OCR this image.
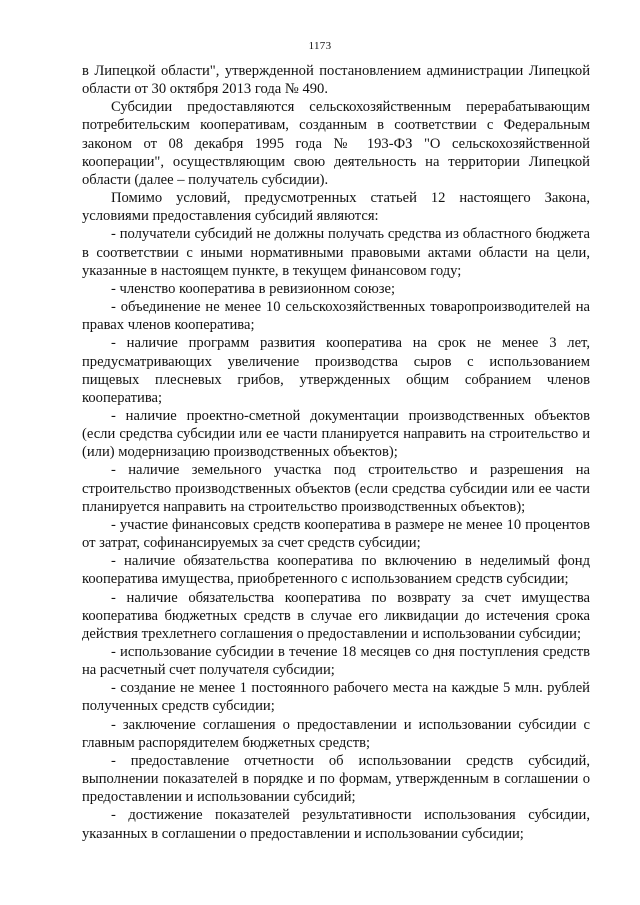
1173

в Липецкой области", утвержденной постановлением администрации Липецкой области от 30 октября 2013 года № 490.

Субсидии предоставляются сельскохозяйственным перерабатывающим потребительским кооперативам, созданным в соответствии с Федеральным законом от 08 декабря 1995 года № 193-ФЗ "О сельскохозяйственной кооперации", осуществляющим свою деятельность на территории Липецкой области (далее – получатель субсидии).

Помимо условий, предусмотренных статьей 12 настоящего Закона, условиями предоставления субсидий являются:

- получатели субсидий не должны получать средства из областного бюджета в соответствии с иными нормативными правовыми актами области на цели, указанные в настоящем пункте, в текущем финансовом году;

- членство кооператива в ревизионном союзе;

- объединение не менее 10 сельскохозяйственных товаропроизводителей на правах членов кооператива;

- наличие программ развития кооператива на срок не менее 3 лет, предусматривающих увеличение производства сыров с использованием пищевых плесневых грибов, утвержденных общим собранием членов кооператива;

- наличие проектно-сметной документации производственных объектов (если средства субсидии или ее части планируется направить на строительство и (или) модернизацию производственных объектов);

- наличие земельного участка под строительство и разрешения на строительство производственных объектов (если средства субсидии или ее части планируется направить на строительство производственных объектов);

- участие финансовых средств кооператива в размере не менее 10 процентов от затрат, софинансируемых за счет средств субсидии;

- наличие обязательства кооператива по включению в неделимый фонд кооператива имущества, приобретенного с использованием средств субсидии;

- наличие обязательства кооператива по возврату за счет имущества кооператива бюджетных средств в случае его ликвидации до истечения срока действия трехлетнего соглашения о предоставлении и использовании субсидии;

- использование субсидии в течение 18 месяцев со дня поступления средств на расчетный счет получателя субсидии;

- создание не менее 1 постоянного рабочего места на каждые 5 млн. рублей полученных средств субсидии;

- заключение соглашения о предоставлении и использовании субсидии с главным распорядителем бюджетных средств;

- предоставление отчетности об использовании средств субсидий, выполнении показателей в порядке и по формам, утвержденным в соглашении о предоставлении и использовании субсидий;

- достижение показателей результативности использования субсидии, указанных в соглашении о предоставлении и использовании субсидии;
